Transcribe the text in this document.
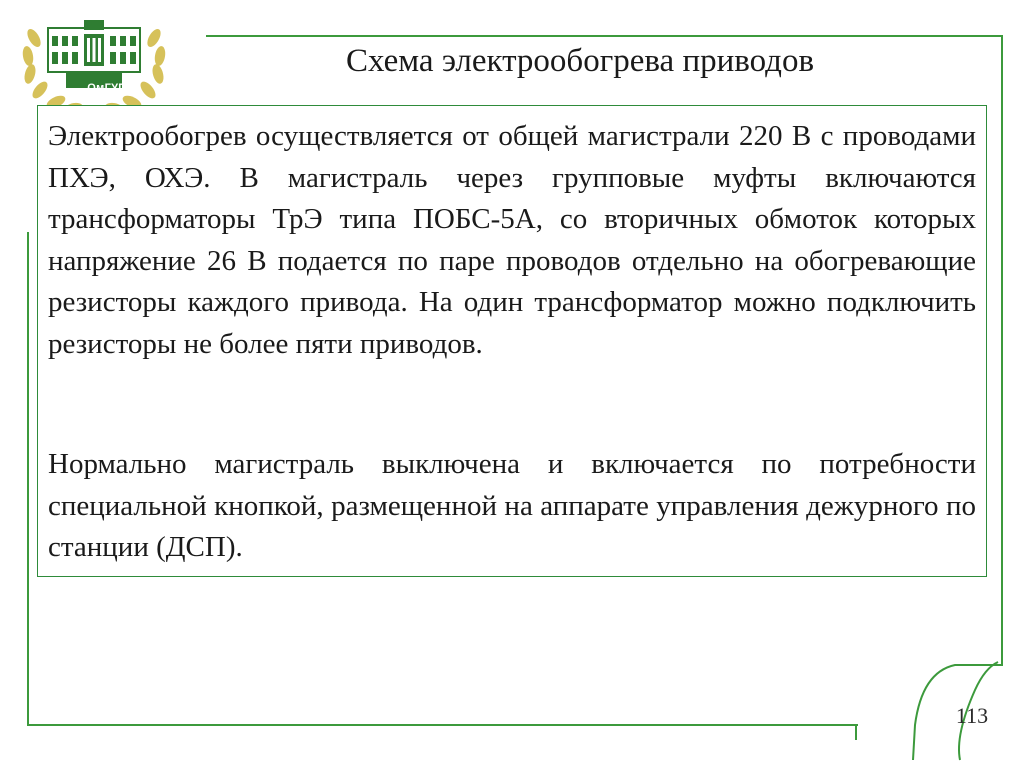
ОмГУПС
Схема электрообогрева приводов

Электрообогрев осуществляется от общей магистрали 220 В с проводами ПХЭ, ОХЭ. В магистраль через групповые муфты включаются трансформаторы ТрЭ типа ПОБС-5А, со вторичных обмоток которых напряжение 26 В подается по паре проводов отдельно на обогревающие резисторы каждого привода. На один трансформатор можно подключить резисторы не более пяти приводов.

Нормально магистраль выключена и включается по потребности специальной кнопкой, размещенной на аппарате управления дежурного по станции (ДСП).

113
